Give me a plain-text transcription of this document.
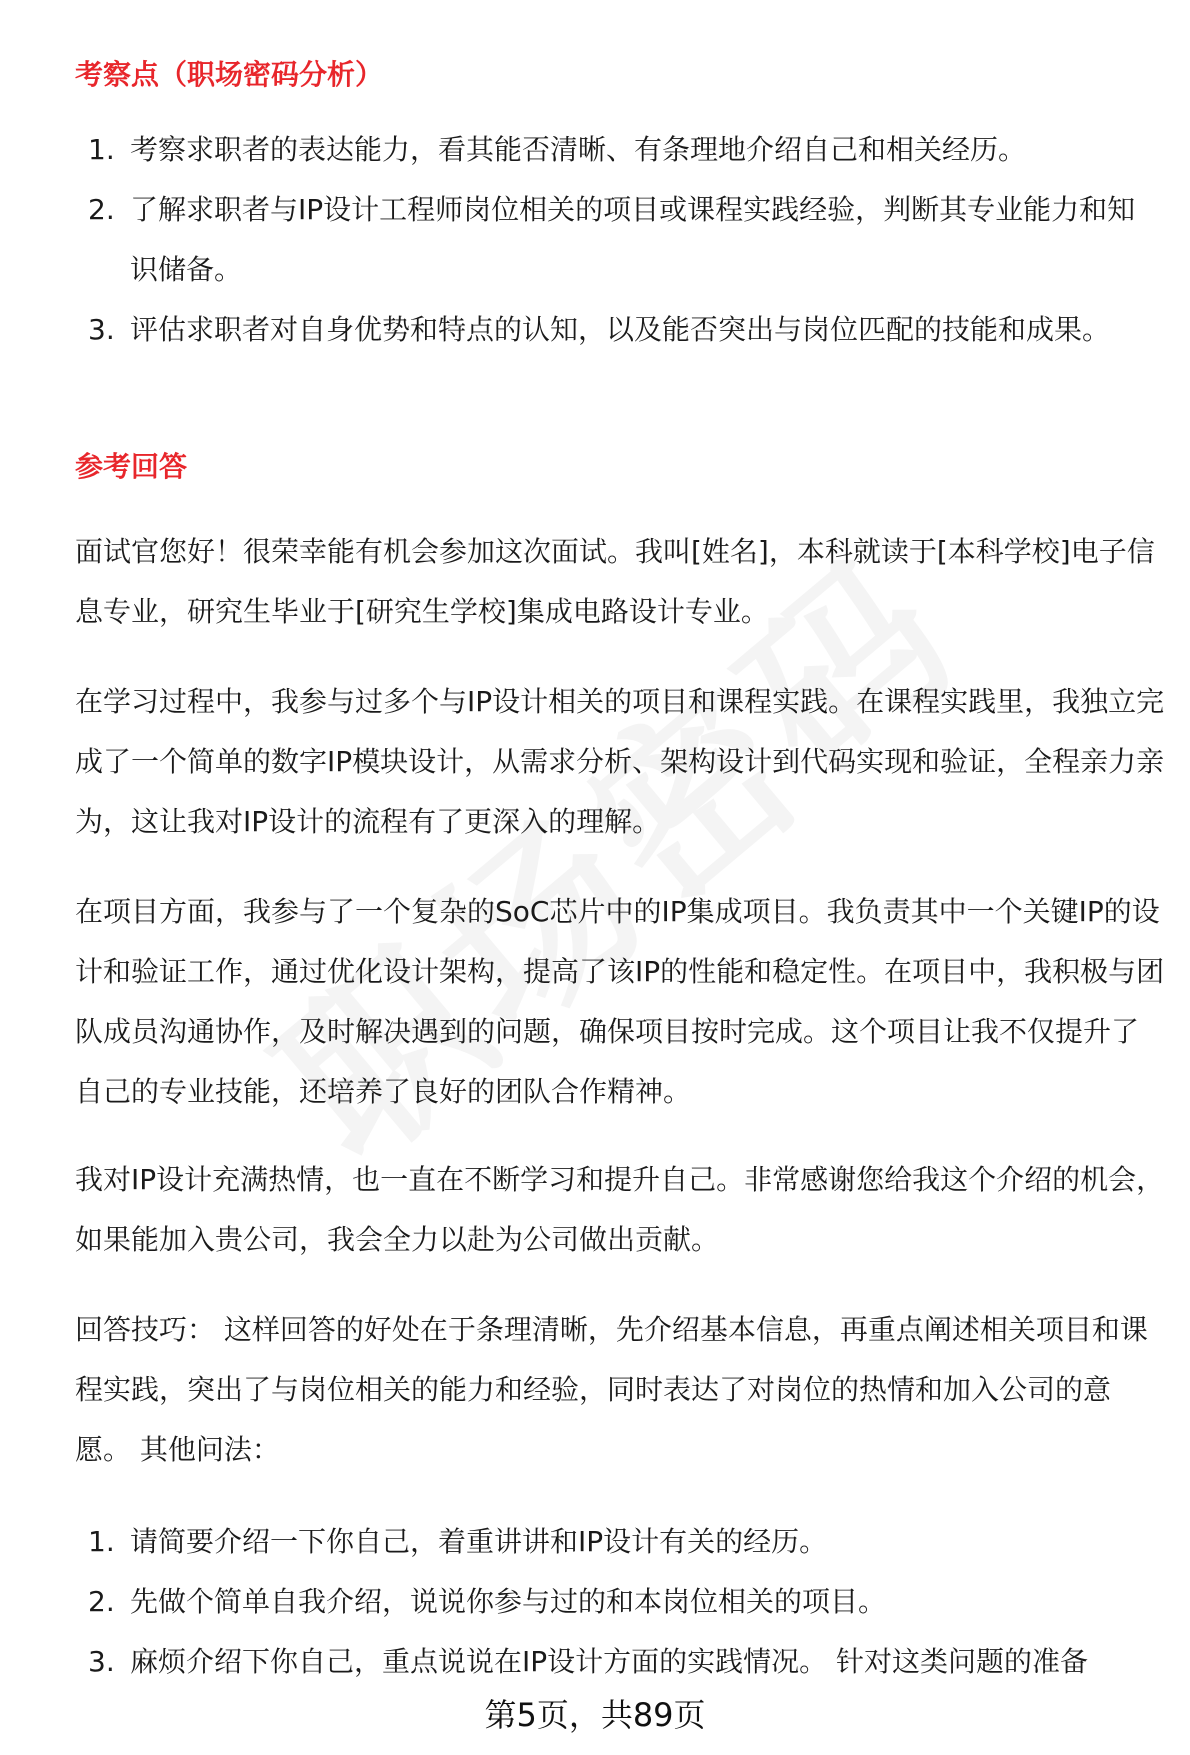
考察点（职场密码分析）
1. 考察求职者的表达能力，看其能否清晰、有条理地介绍自己和相关经历。
2. 了解求职者与IP设计工程师岗位相关的项目或课程实践经验，判断其专业能力和知识储备。
3. 评估求职者对自身优势和特点的认知，以及能否突出与岗位匹配的技能和成果。
参考回答
面试官您好！很荣幸能有机会参加这次面试。我叫[姓名]，本科就读于[本科学校]电子信息专业，研究生毕业于[研究生学校]集成电路设计专业。
在学习过程中，我参与过多个与IP设计相关的项目和课程实践。在课程实践里，我独立完成了一个简单的数字IP模块设计，从需求分析、架构设计到代码实现和验证，全程亲力亲为，这让我对IP设计的流程有了更深入的理解。
在项目方面，我参与了一个复杂的SoC芯片中的IP集成项目。我负责其中一个关键IP的设计和验证工作，通过优化设计架构，提高了该IP的性能和稳定性。在项目中，我积极与团队成员沟通协作，及时解决遇到的问题，确保项目按时完成。这个项目让我不仅提升了自己的专业技能，还培养了良好的团队合作精神。
我对IP设计充满热情，也一直在不断学习和提升自己。非常感谢您给我这个介绍的机会，如果能加入贵公司，我会全力以赴为公司做出贡献。
回答技巧： 这样回答的好处在于条理清晰，先介绍基本信息，再重点阐述相关项目和课程实践，突出了与岗位相关的能力和经验，同时表达了对岗位的热情和加入公司的意愿。 其他问法：
1. 请简要介绍一下你自己，着重讲讲和IP设计有关的经历。
2. 先做个简单自我介绍，说说你参与过的和本岗位相关的项目。
3. 麻烦介绍下你自己，重点说说在IP设计方面的实践情况。 针对这类问题的准备
第5页，共89页
